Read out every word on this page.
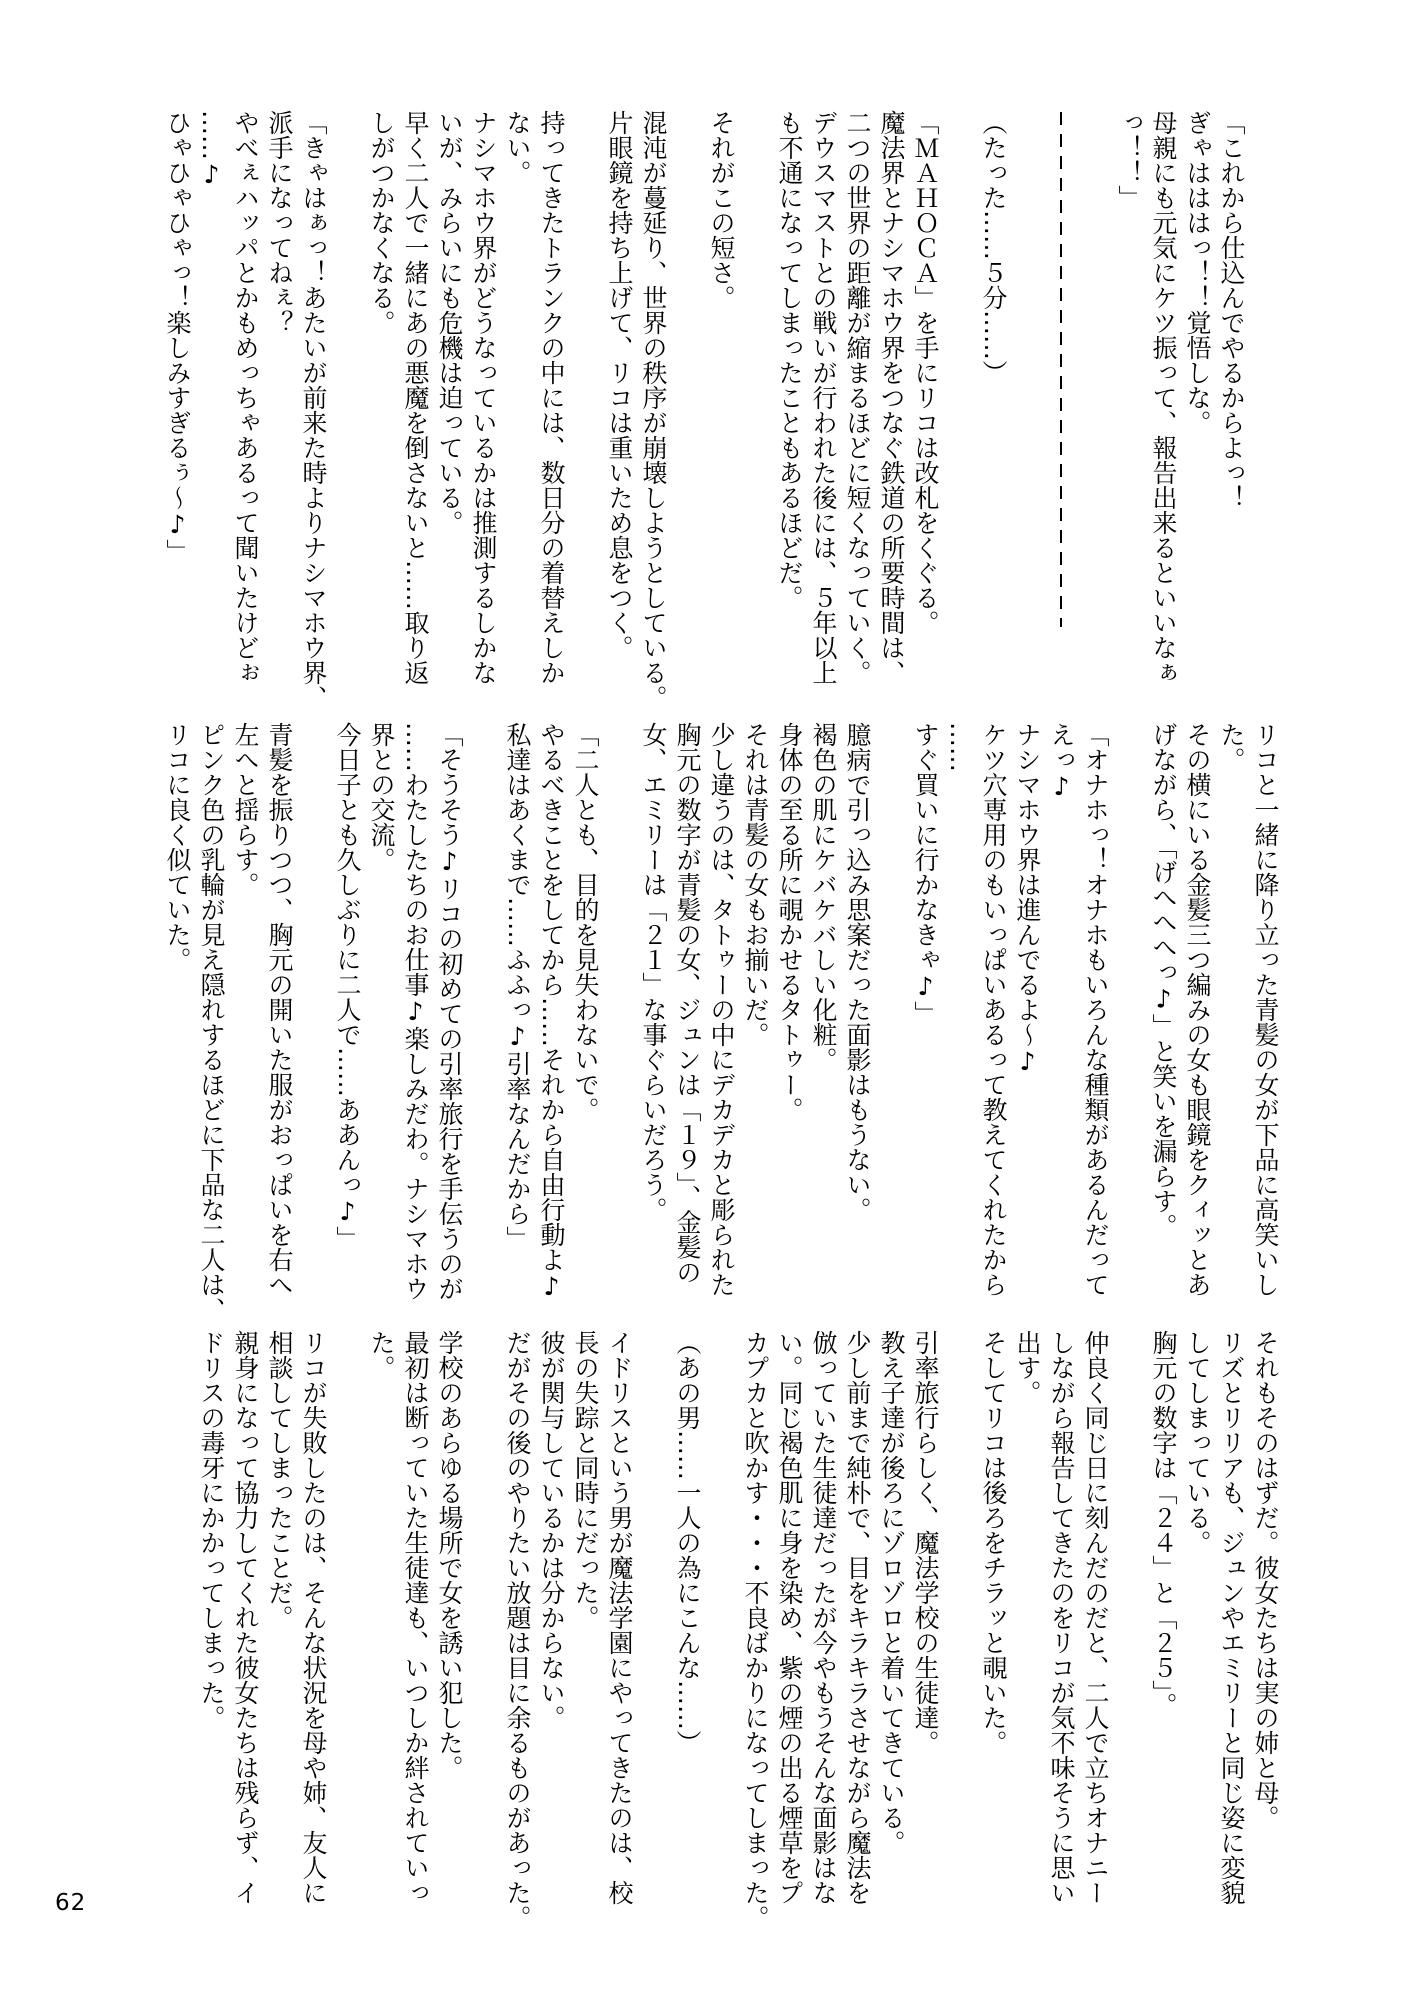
「これから仕込んでやるからよっ！
ぎゃはははっ！！覚悟しな。
母親にも元気にケツ振って、報告出来るといいなぁ
っ！！」
（たった……５分……）
「ＭＡＨＯＣＡ」を手にリコは改札をくぐる。
魔法界とナシマホウ界をつなぐ鉄道の所要時間は、
二つの世界の距離が縮まるほどに短くなっていく。
デウスマストとの戦いが行われた後には、５年以上
も不通になってしまったこともあるほどだ。
それがこの短さ。
混沌が蔓延り、世界の秩序が崩壊しようとしている。
片眼鏡を持ち上げて、リコは重いため息をつく。
持ってきたトランクの中には、数日分の着替えしか
ない。
ナシマホウ界がどうなっているかは推測するしかな
いが、みらいにも危機は迫っている。
早く二人で一緒にあの悪魔を倒さないと……取り返
しがつかなくなる。
「きゃはぁっ！あたいが前来た時よりナシマホウ界、
派手になってねぇ？
やべぇハッパとかもめっちゃあるって聞いたけどぉ
……♪
ひゃひゃひゃっ！楽しみすぎるぅ～♪」
リコと一緒に降り立った青髪の女が下品に高笑いし
た。
その横にいる金髪三つ編みの女も眼鏡をクィッとあ
げながら、「げへへへっ♪」と笑いを漏らす。
「オナホっ！オナホもいろんな種類があるんだって
えっ♪
ナシマホウ界は進んでるよ～♪
ケツ穴専用のもいっぱいあるって教えてくれたから
……
すぐ買いに行かなきゃ♪」
臆病で引っ込み思案だった面影はもうない。
褐色の肌にケバケバしい化粧。
身体の至る所に覗かせるタトゥー。
それは青髪の女もお揃いだ。
少し違うのは、タトゥーの中にデカデカと彫られた
胸元の数字が青髪の女、ジュンは「１９」、金髪の
女、エミリーは「２１」な事ぐらいだろう。
「二人とも、目的を見失わないで。
やるべきことをしてから……それから自由行動よ♪
私達はあくまで……ふふっ♪引率なんだから」
「そうそう♪リコの初めての引率旅行を手伝うのが
……わたしたちのお仕事♪楽しみだわ。ナシマホウ
界との交流。
今日子とも久しぶりに二人で……ああんっ♪」
青髪を振りつつ、胸元の開いた服がおっぱいを右へ
左へと揺らす。
ピンク色の乳輪が見え隠れするほどに下品な二人は、
リコに良く似ていた。
それもそのはずだ。彼女たちは実の姉と母。
リズとリリアも、ジュンやエミリーと同じ姿に変貌
してしまっている。
胸元の数字は「２４」と「２５」。
仲良く同じ日に刻んだのだと、二人で立ちオナニー
しながら報告してきたのをリコが気不味そうに思い
出す。
そしてリコは後ろをチラッと覗いた。
引率旅行らしく、魔法学校の生徒達。
教え子達が後ろにゾロゾロと着いてきている。
少し前まで純朴で、目をキラキラさせながら魔法を
倣っていた生徒達だったが今やもうそんな面影はな
い。同じ褐色肌に身を染め、紫の煙の出る煙草をプ
カプカと吹かす・・・不良ばかりになってしまった。
（あの男……一人の為にこんな……）
イドリスという男が魔法学園にやってきたのは、校
長の失踪と同時にだった。
彼が関与しているかは分からない。
だがその後のやりたい放題は目に余るものがあった。
学校のあらゆる場所で女を誘い犯した。
最初は断っていた生徒達も、いつしか絆されていっ
た。
リコが失敗したのは、そんな状況を母や姉、友人に
相談してしまったことだ。
親身になって協力してくれた彼女たちは残らず、イ
ドリスの毒牙にかかってしまった。
62
